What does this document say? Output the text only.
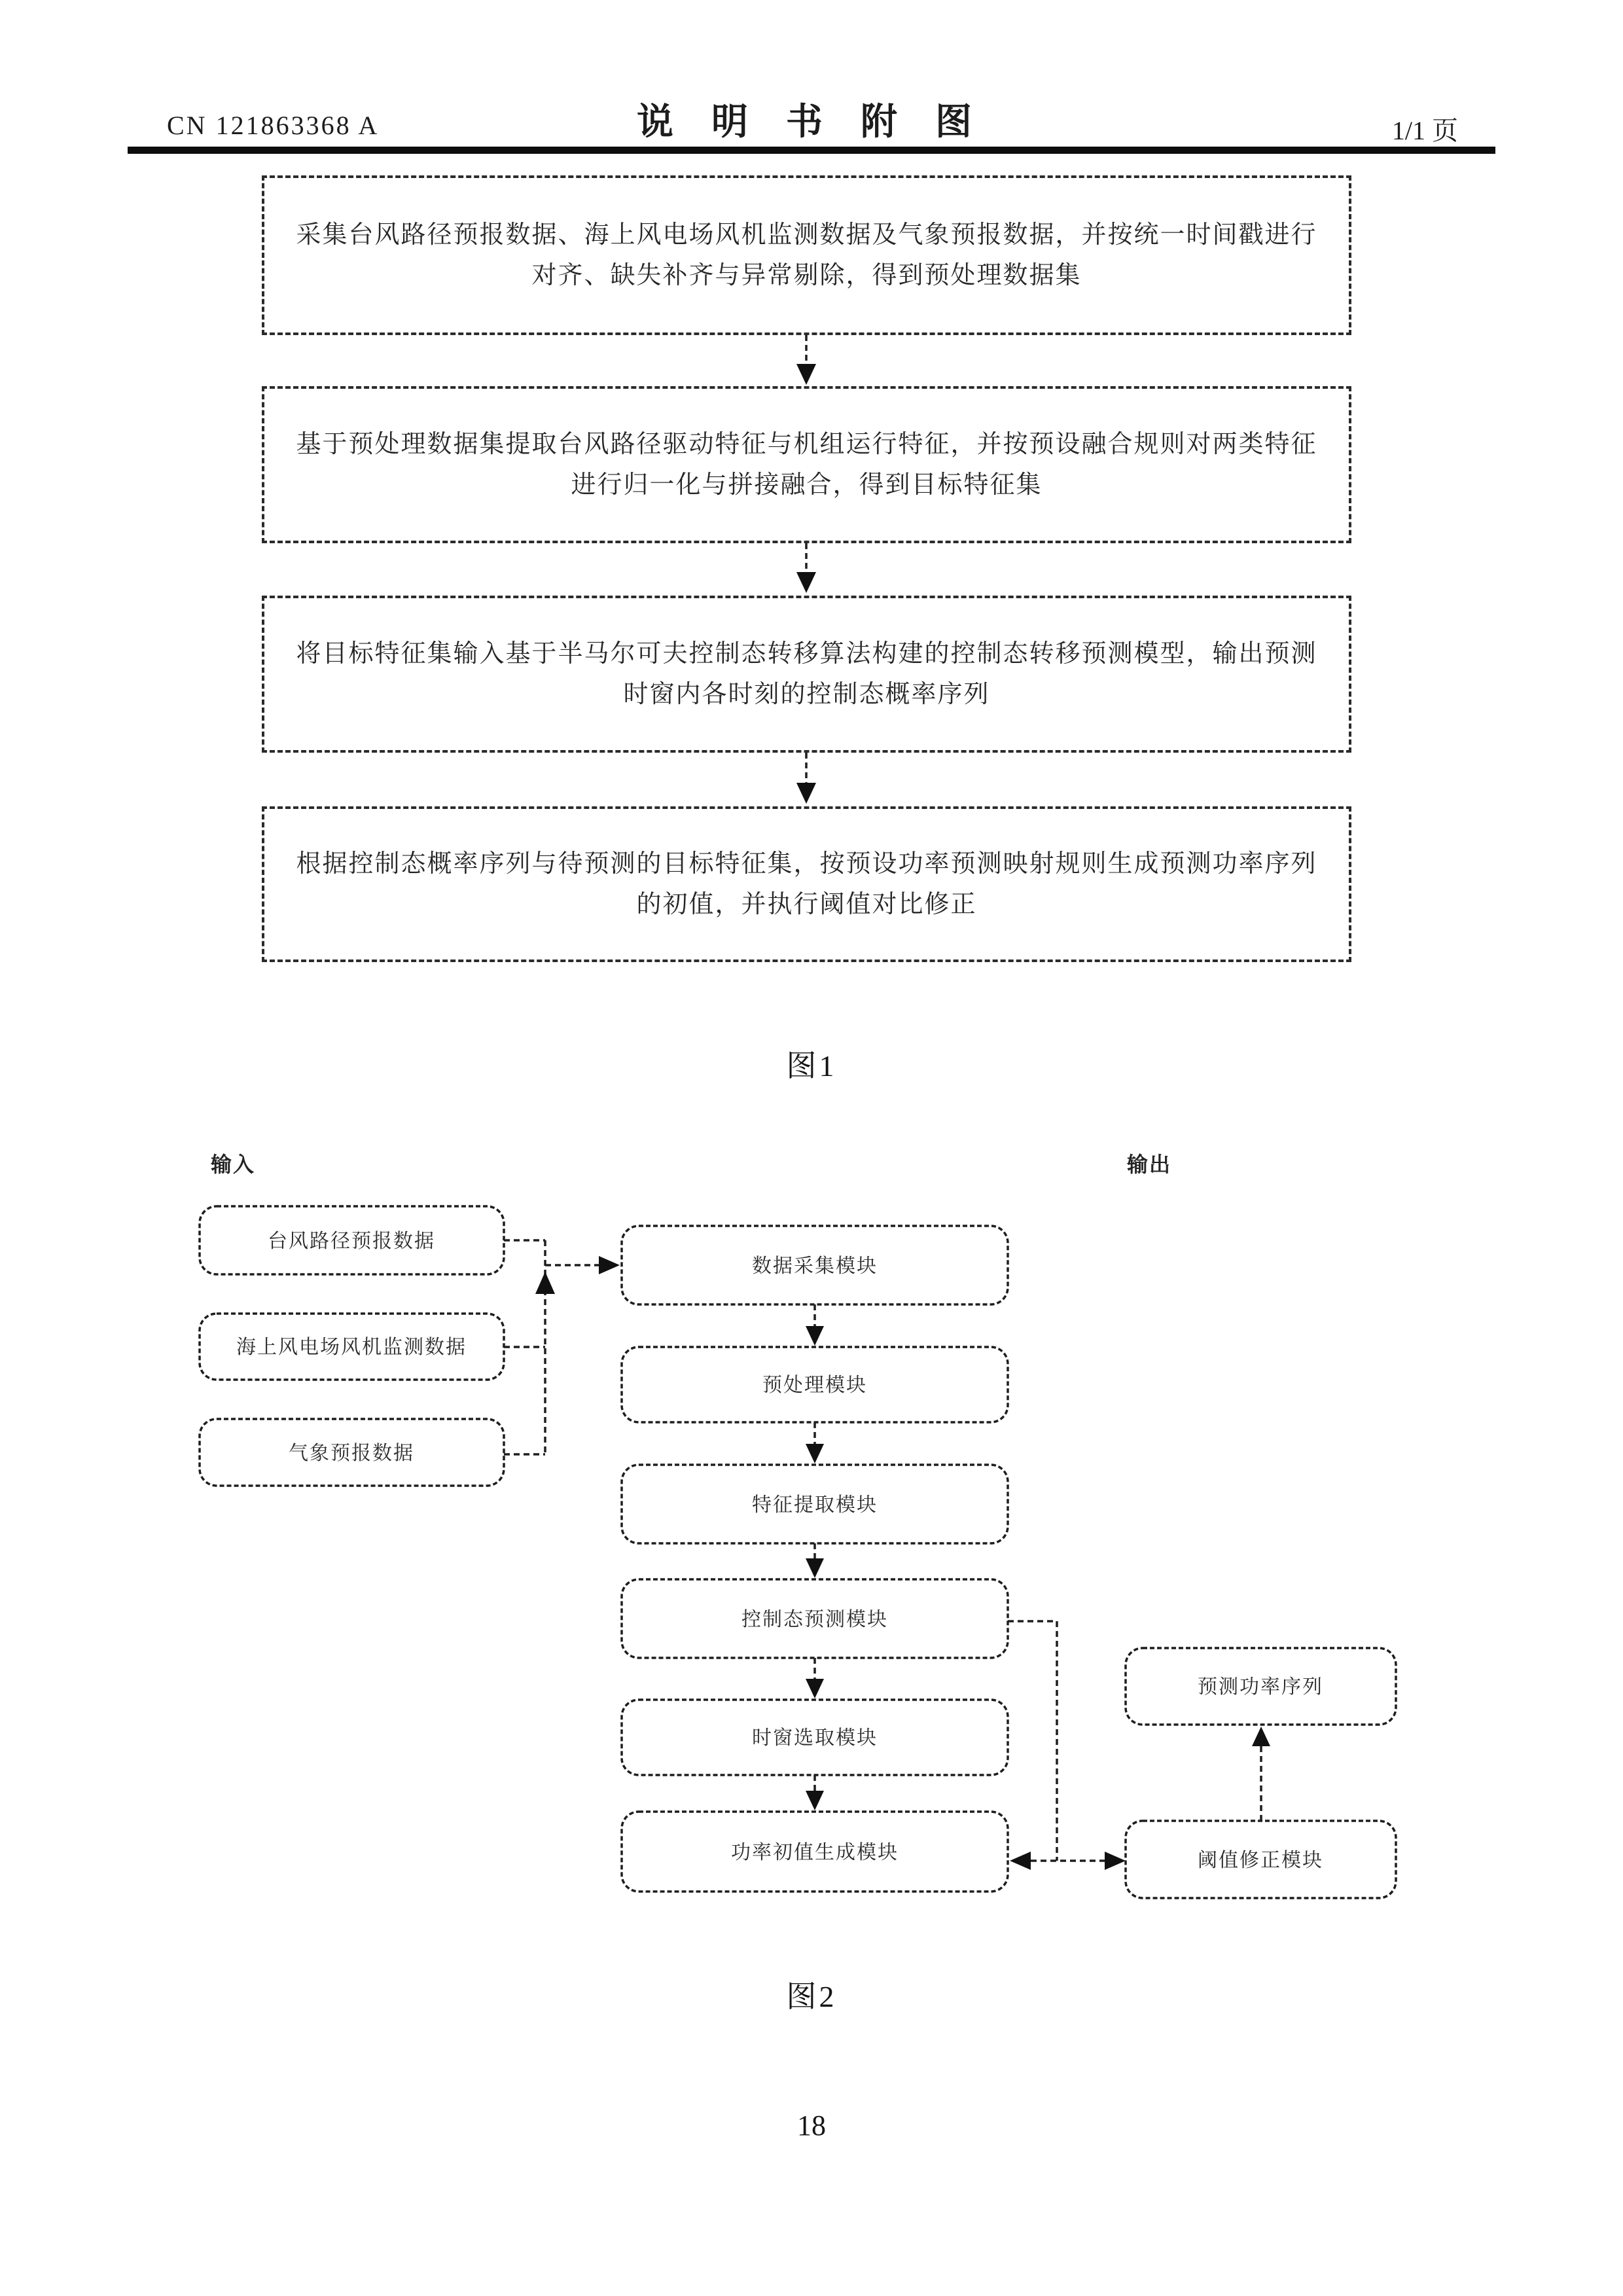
CN 121863368 A	说 明 书 附 图	1/1 页
采集台风路径预报数据、海上风电场风机监测数据及气象预报数据，并按统一时间戳进行对齐、缺失补齐与异常剔除，得到预处理数据集
基于预处理数据集提取台风路径驱动特征与机组运行特征，并按预设融合规则对两类特征进行归一化与拼接融合，得到目标特征集
将目标特征集输入基于半马尔可夫控制态转移算法构建的控制态转移预测模型，输出预测时窗内各时刻的控制态概率序列
根据控制态概率序列与待预测的目标特征集，按预设功率预测映射规则生成预测功率序列的初值，并执行阈值对比修正
图1
输入	输出
台风路径预报数据
海上风电场风机监测数据
气象预报数据
数据采集模块
预处理模块
特征提取模块
控制态预测模块
时窗选取模块
功率初值生成模块
预测功率序列
阈值修正模块
图2
18
